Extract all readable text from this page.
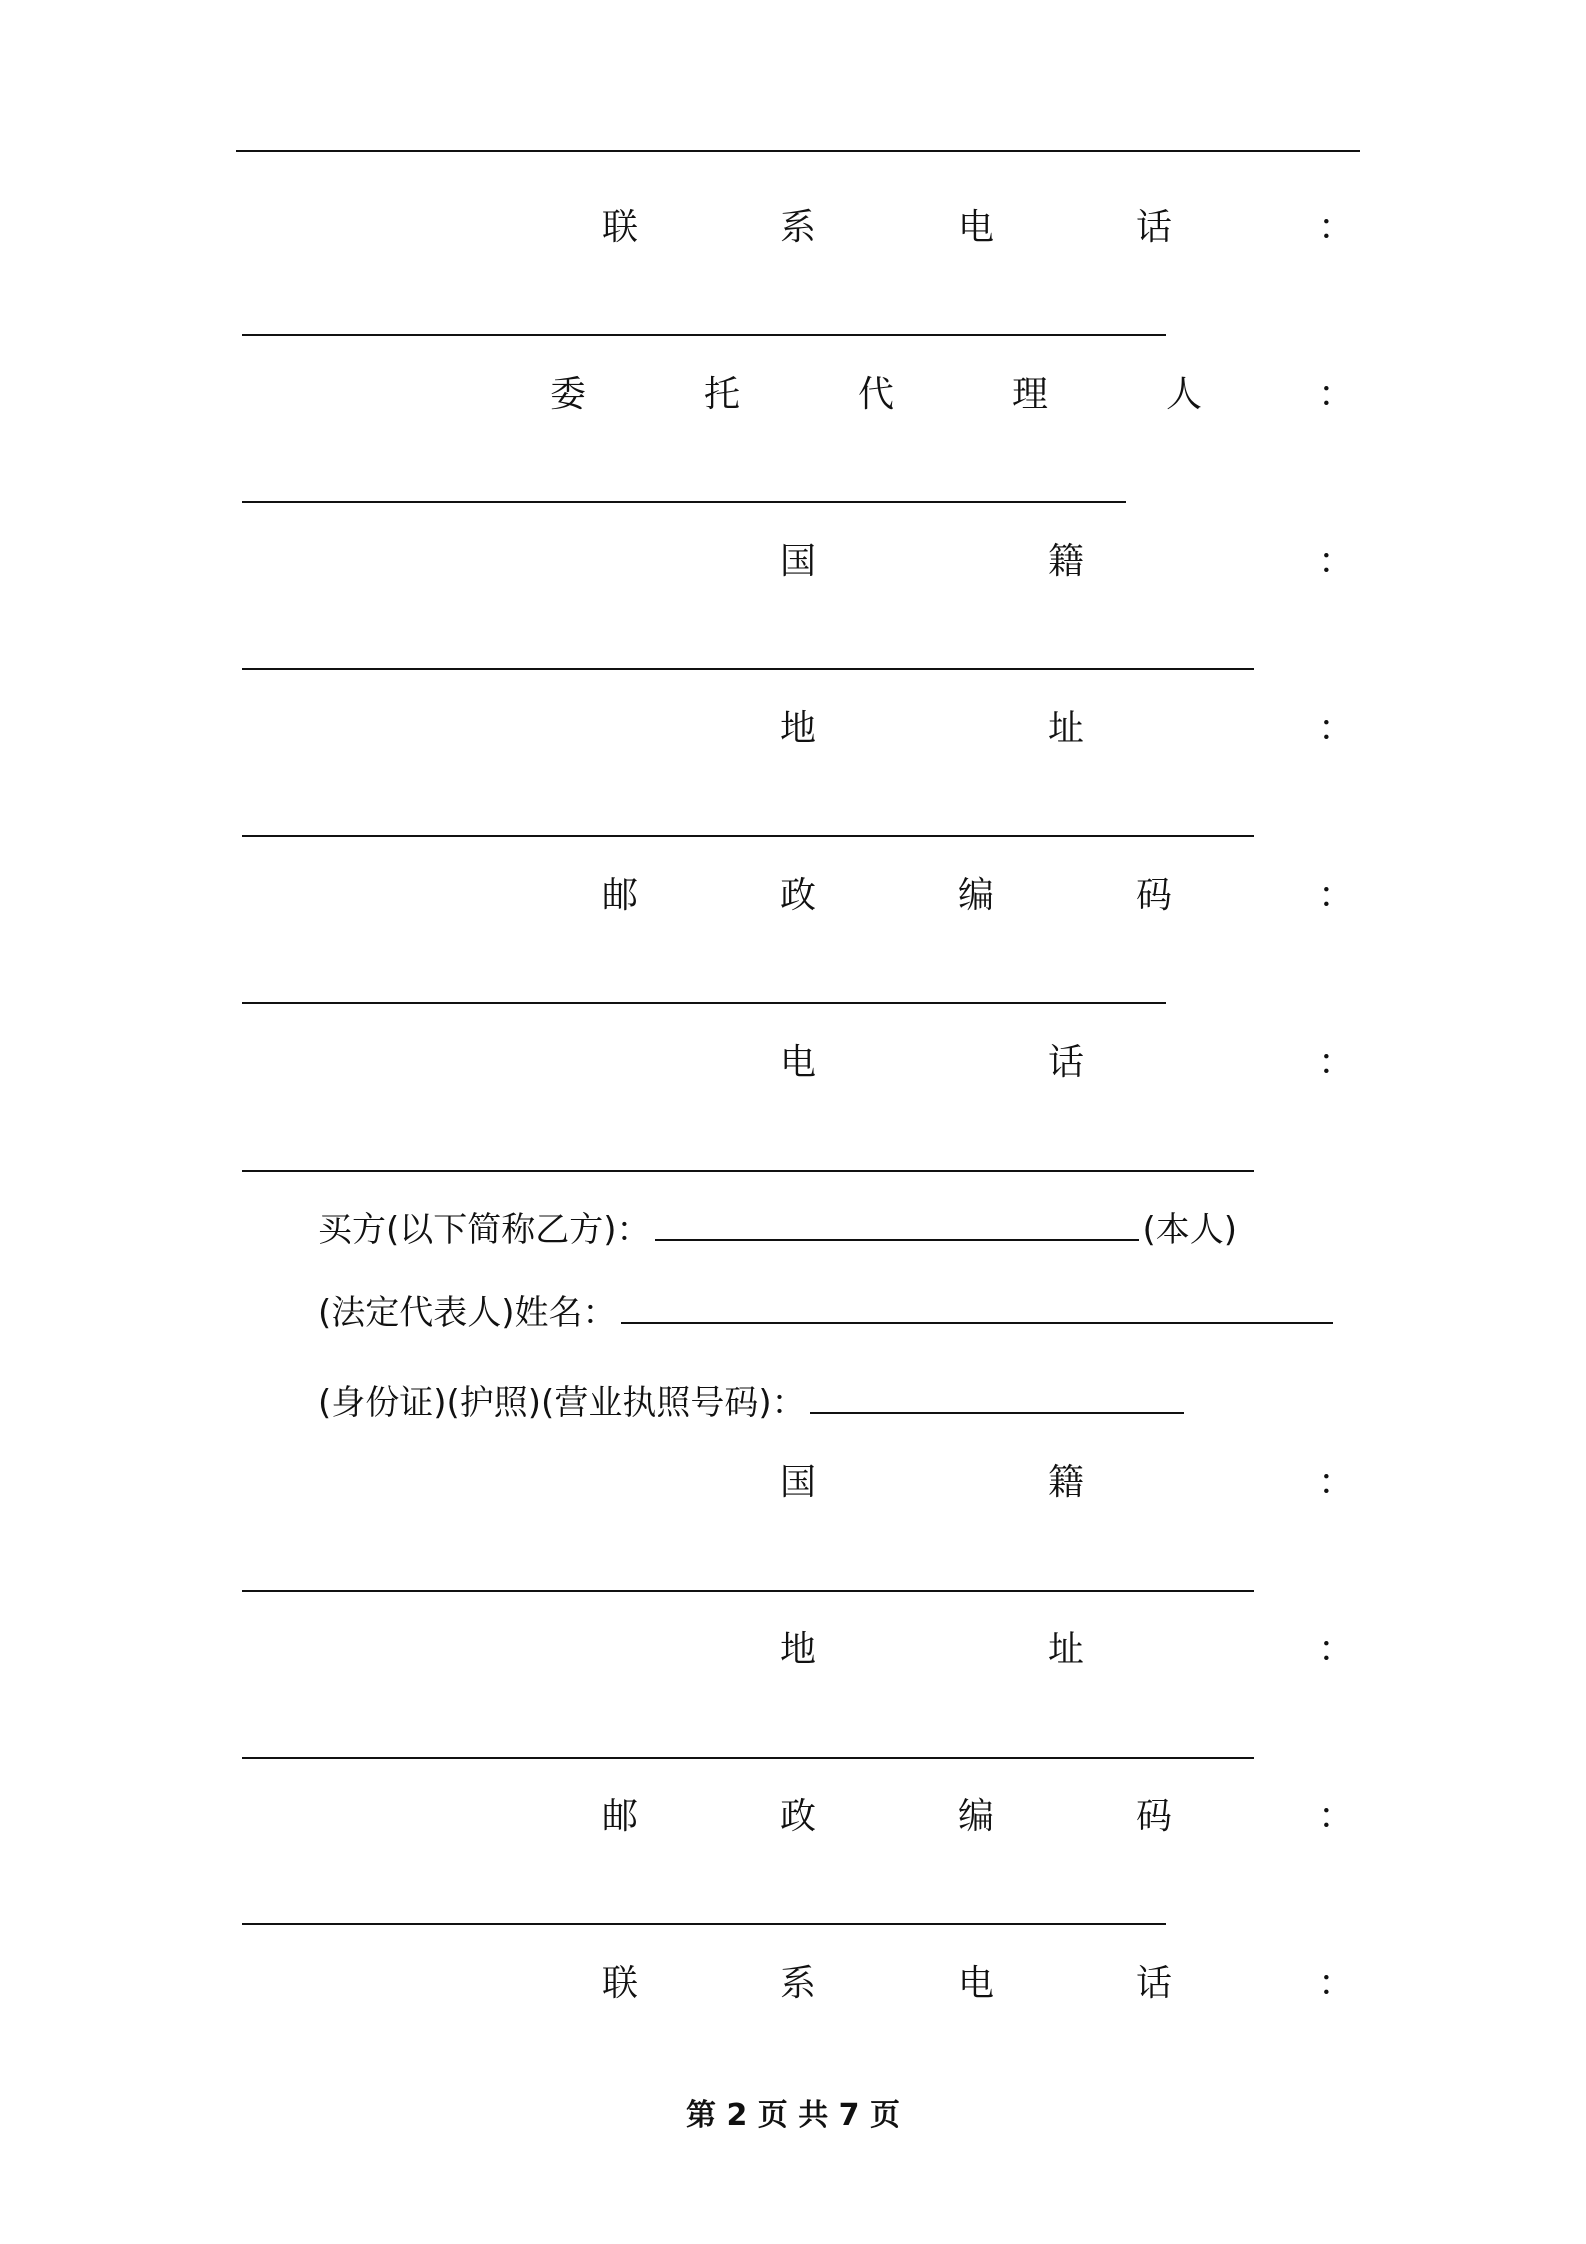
联	系	电	话	：
委	托	代	理	人	：
国	籍	：
地	址	：
邮	政	编	码	：
电	话	：
买方(以下简称乙方)：	(本人)
(法定代表人)姓名：
(身份证)(护照)(营业执照号码)：
国	籍	：
地	址	：
邮	政	编	码	：
联	系	电	话	：
第 2 页 共 7 页
